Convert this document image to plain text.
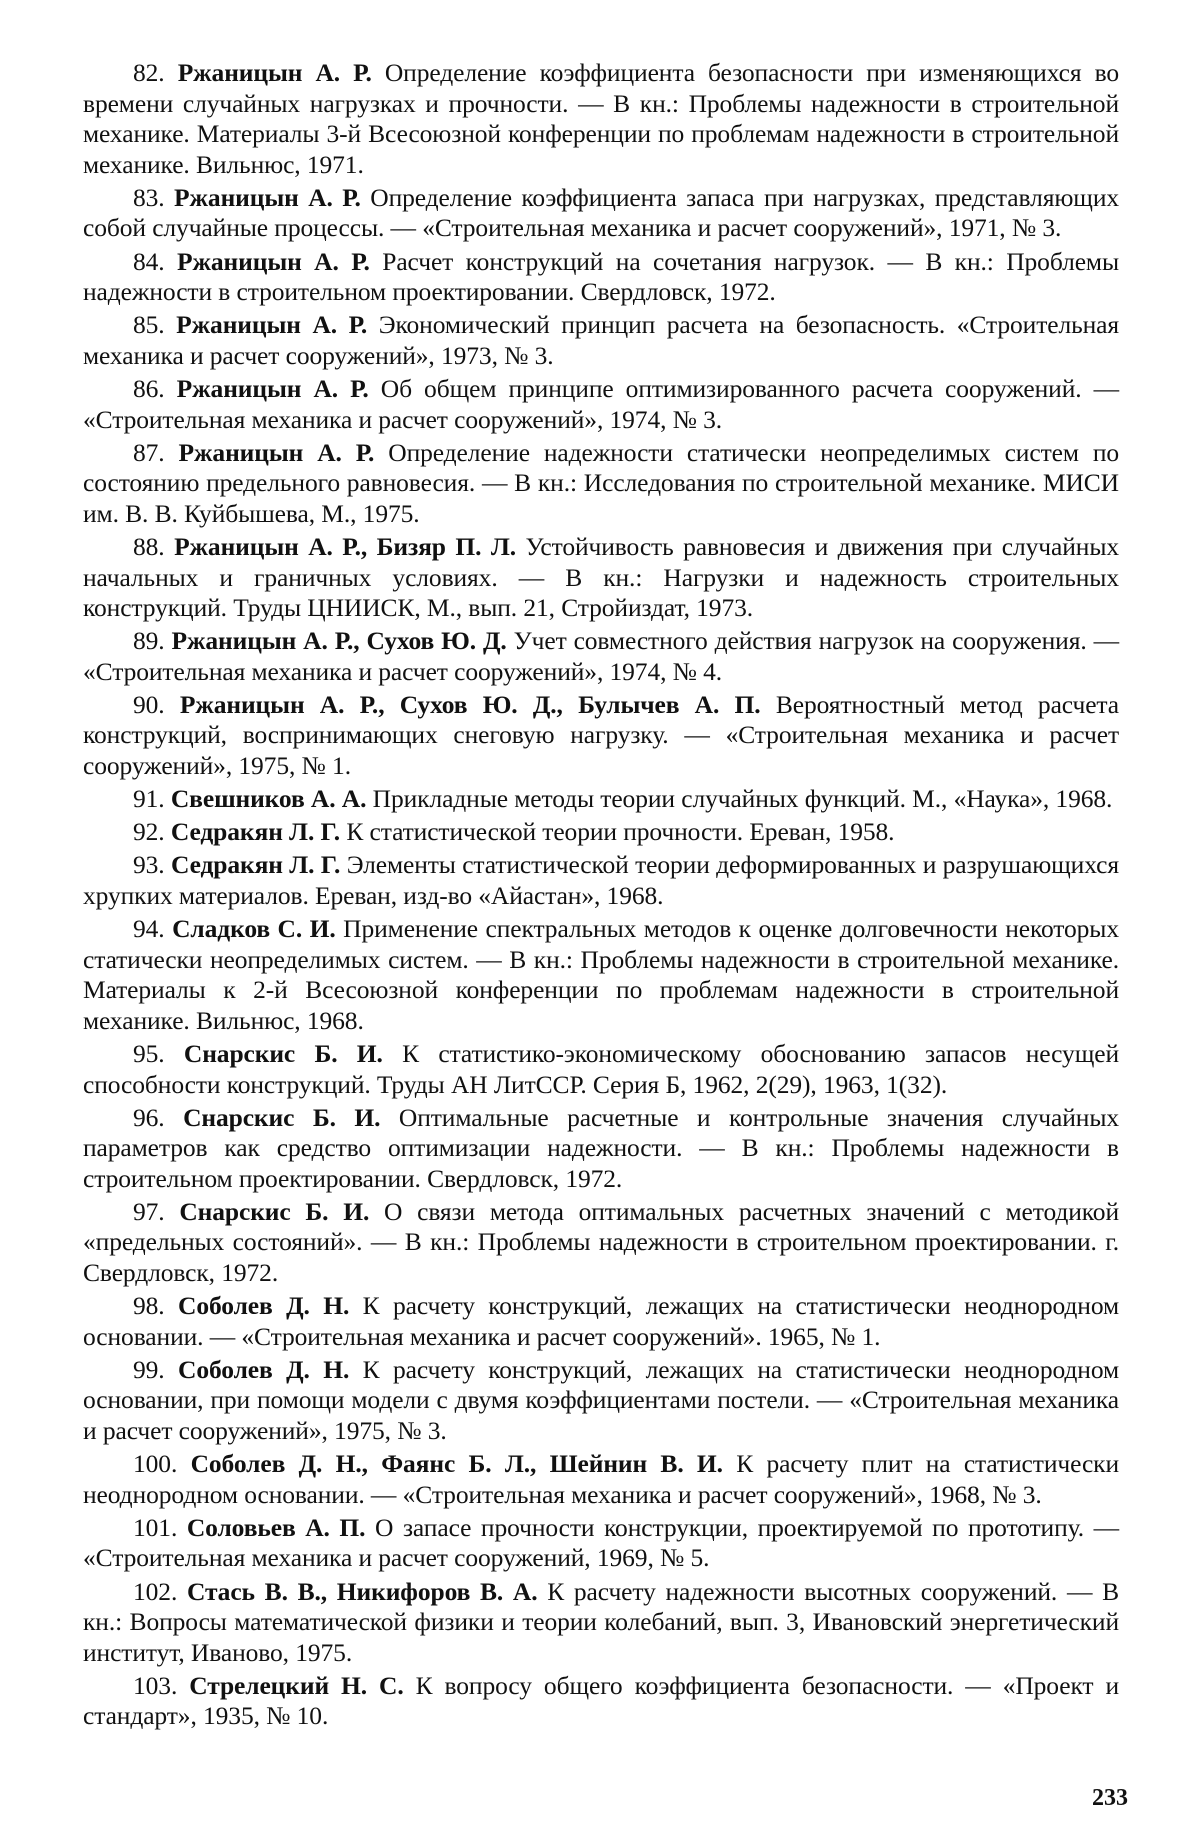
82. Ржаницын А. Р. Определение коэффициента безопасности при изменяющихся во времени случайных нагрузках и прочности. — В кн.: Проблемы надежности в строительной механике. Материалы 3-й Всесоюзной конференции по проблемам надежности в строительной механике. Вильнюс, 1971.

83. Ржаницын А. Р. Определение коэффициента запаса при нагрузках, представляющих собой случайные процессы. — «Строительная механика и расчет сооружений», 1971, № 3.

84. Ржаницын А. Р. Расчет конструкций на сочетания нагрузок. — В кн.: Проблемы надежности в строительном проектировании. Свердловск, 1972.

85. Ржаницын А. Р. Экономический принцип расчета на безопасность. «Строительная механика и расчет сооружений», 1973, № 3.

86. Ржаницын А. Р. Об общем принципе оптимизированного расчета сооружений. — «Строительная механика и расчет сооружений», 1974, № 3.

87. Ржаницын А. Р. Определение надежности статически неопределимых систем по состоянию предельного равновесия. — В кн.: Исследования по строительной механике. МИСИ им. В. В. Куйбышева, М., 1975.

88. Ржаницын А. Р., Бизяр П. Л. Устойчивость равновесия и движения при случайных начальных и граничных условиях. — В кн.: Нагрузки и надежность строительных конструкций. Труды ЦНИИСК, М., вып. 21, Стройиздат, 1973.

89. Ржаницын А. Р., Сухов Ю. Д. Учет совместного действия нагрузок на сооружения. — «Строительная механика и расчет сооружений», 1974, № 4.

90. Ржаницын А. Р., Сухов Ю. Д., Булычев А. П. Вероятностный метод расчета конструкций, воспринимающих снеговую нагрузку. — «Строительная механика и расчет сооружений», 1975, № 1.

91. Свешников А. А. Прикладные методы теории случайных функций. М., «Наука», 1968.

92. Седракян Л. Г. К статистической теории прочности. Ереван, 1958.

93. Седракян Л. Г. Элементы статистической теории деформированных и разрушающихся хрупких материалов. Ереван, изд-во «Айастан», 1968.

94. Сладков С. И. Применение спектральных методов к оценке долговечности некоторых статически неопределимых систем. — В кн.: Проблемы надежности в строительной механике. Материалы к 2-й Всесоюзной конференции по проблемам надежности в строительной механике. Вильнюс, 1968.

95. Снарскис Б. И. К статистико-экономическому обоснованию запасов несущей способности конструкций. Труды АН ЛитССР. Серия Б, 1962, 2(29), 1963, 1(32).

96. Снарскис Б. И. Оптимальные расчетные и контрольные значения случайных параметров как средство оптимизации надежности. — В кн.: Проблемы надежности в строительном проектировании. Свердловск, 1972.

97. Снарскис Б. И. О связи метода оптимальных расчетных значений с методикой «предельных состояний». — В кн.: Проблемы надежности в строительном проектировании. г. Свердловск, 1972.

98. Соболев Д. Н. К расчету конструкций, лежащих на статистически неоднородном основании. — «Строительная механика и расчет сооружений». 1965, № 1.

99. Соболев Д. Н. К расчету конструкций, лежащих на статистически неоднородном основании, при помощи модели с двумя коэффициентами постели. — «Строительная механика и расчет сооружений», 1975, № 3.

100. Соболев Д. Н., Фаянс Б. Л., Шейнин В. И. К расчету плит на статистически неоднородном основании. — «Строительная механика и расчет сооружений», 1968, № 3.

101. Соловьев А. П. О запасе прочности конструкции, проектируемой по прототипу. — «Строительная механика и расчет сооружений, 1969, № 5.

102. Стась В. В., Никифоров В. А. К расчету надежности высотных сооружений. — В кн.: Вопросы математической физики и теории колебаний, вып. 3, Ивановский энергетический институт, Иваново, 1975.

103. Стрелецкий Н. С. К вопросу общего коэффициента безопасности. — «Проект и стандарт», 1935, № 10.

233
